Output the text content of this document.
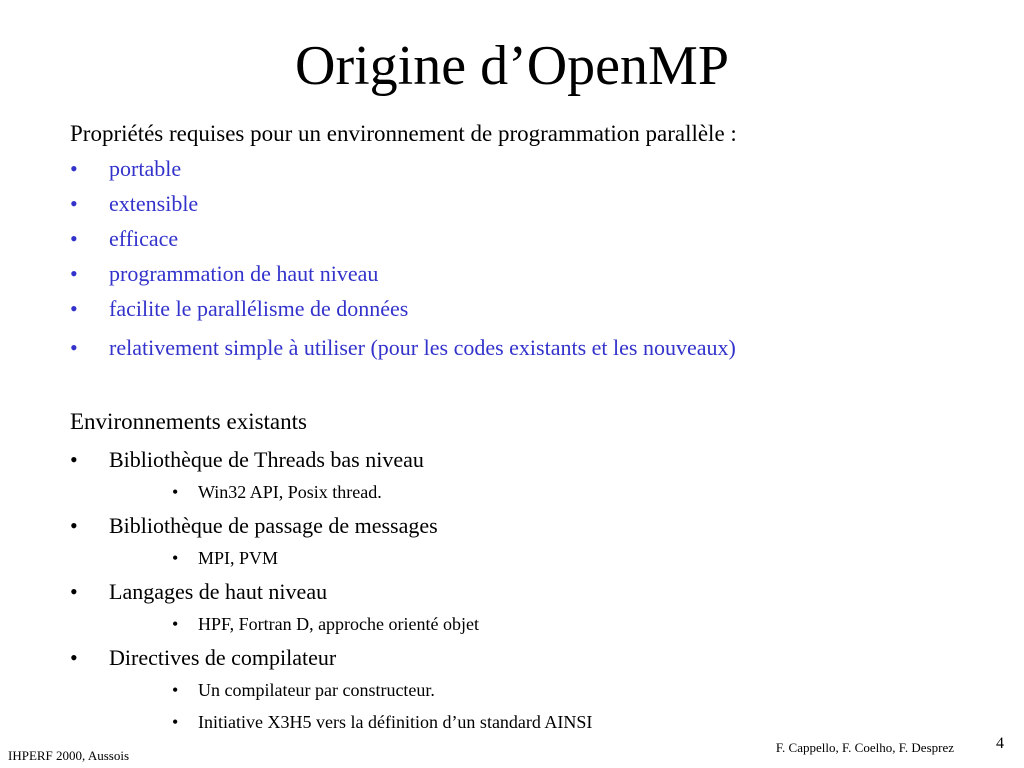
Origine d’OpenMP
Propriétés requises pour un environnement de programmation parallèle :
• portable
• extensible
• efficace
• programmation de haut niveau
• facilite le parallélisme de données
• relativement simple à utiliser (pour les codes existants et les nouveaux)
Environnements existants
• Bibliothèque de Threads bas niveau
• Win32 API, Posix thread.
• Bibliothèque de passage de messages
• MPI, PVM
• Langages de haut niveau
• HPF, Fortran D, approche orienté objet
• Directives de compilateur
• Un compilateur par constructeur.
• Initiative X3H5 vers la définition d’un standard AINSI
IHPERF 2000, Aussois
F. Cappello, F. Coelho, F. Desprez	4
